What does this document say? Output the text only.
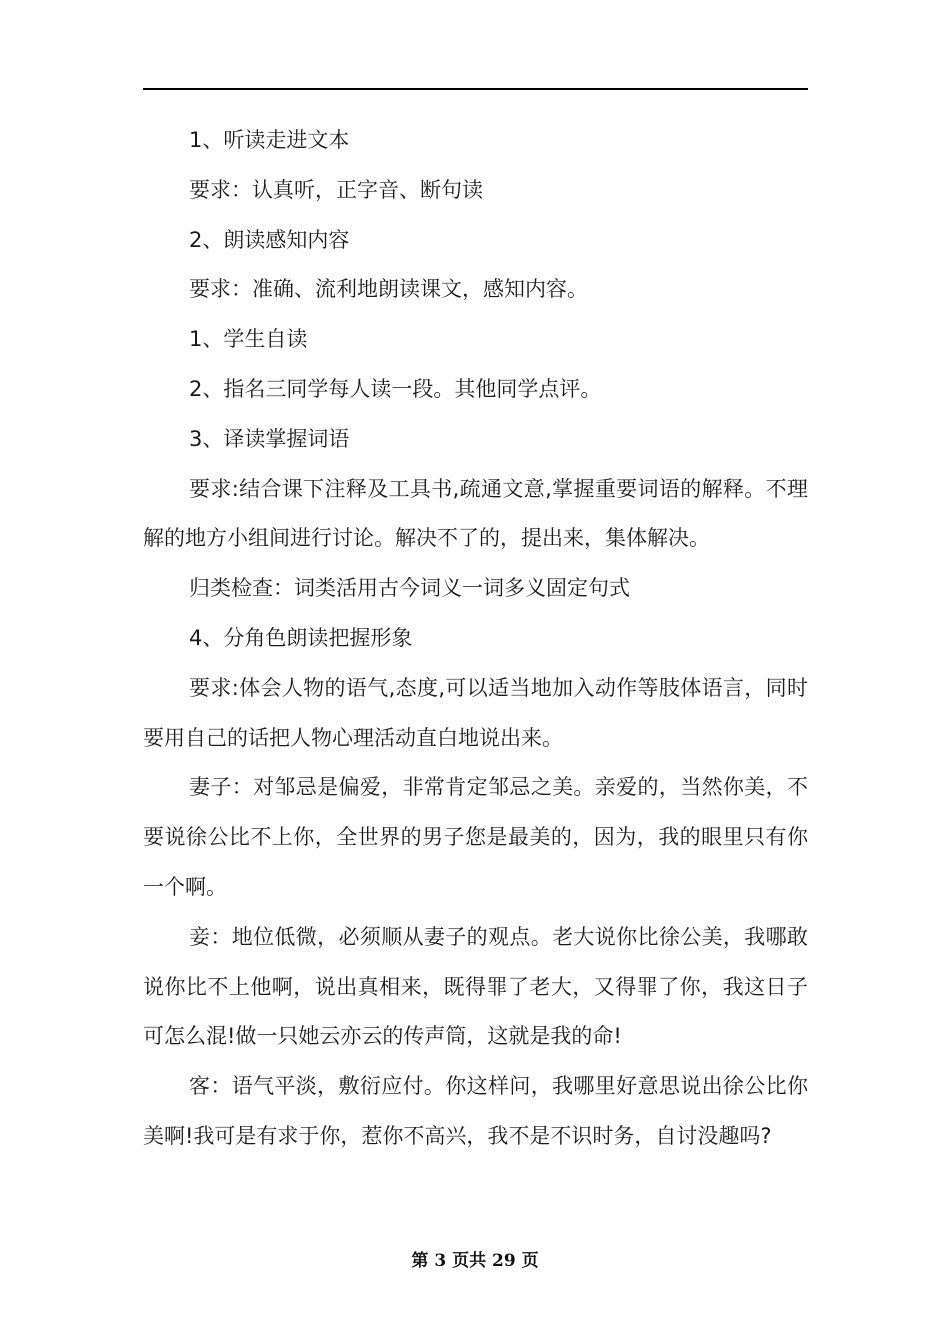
1、听读走进文本

要求：认真听，正字音、断句读

2、朗读感知内容

要求：准确、流利地朗读课文，感知内容。

1、学生自读

2、指名三同学每人读一段。其他同学点评。

3、译读掌握词语

要求:结合课下注释及工具书,疏通文意,掌握重要词语的解释。不理解的地方小组间进行讨论。解决不了的，提出来，集体解决。

归类检查：词类活用古今词义一词多义固定句式

4、分角色朗读把握形象

要求:体会人物的语气,态度,可以适当地加入动作等肢体语言，同时要用自己的话把人物心理活动直白地说出来。

妻子：对邹忌是偏爱，非常肯定邹忌之美。亲爱的，当然你美，不要说徐公比不上你，全世界的男子您是最美的，因为，我的眼里只有你一个啊。

妾：地位低微，必须顺从妻子的观点。老大说你比徐公美，我哪敢说你比不上他啊，说出真相来，既得罪了老大，又得罪了你，我这日子可怎么混!做一只她云亦云的传声筒，这就是我的命!

客：语气平淡，敷衍应付。你这样问，我哪里好意思说出徐公比你美啊!我可是有求于你，惹你不高兴，我不是不识时务，自讨没趣吗?

第 3 页共 29 页
